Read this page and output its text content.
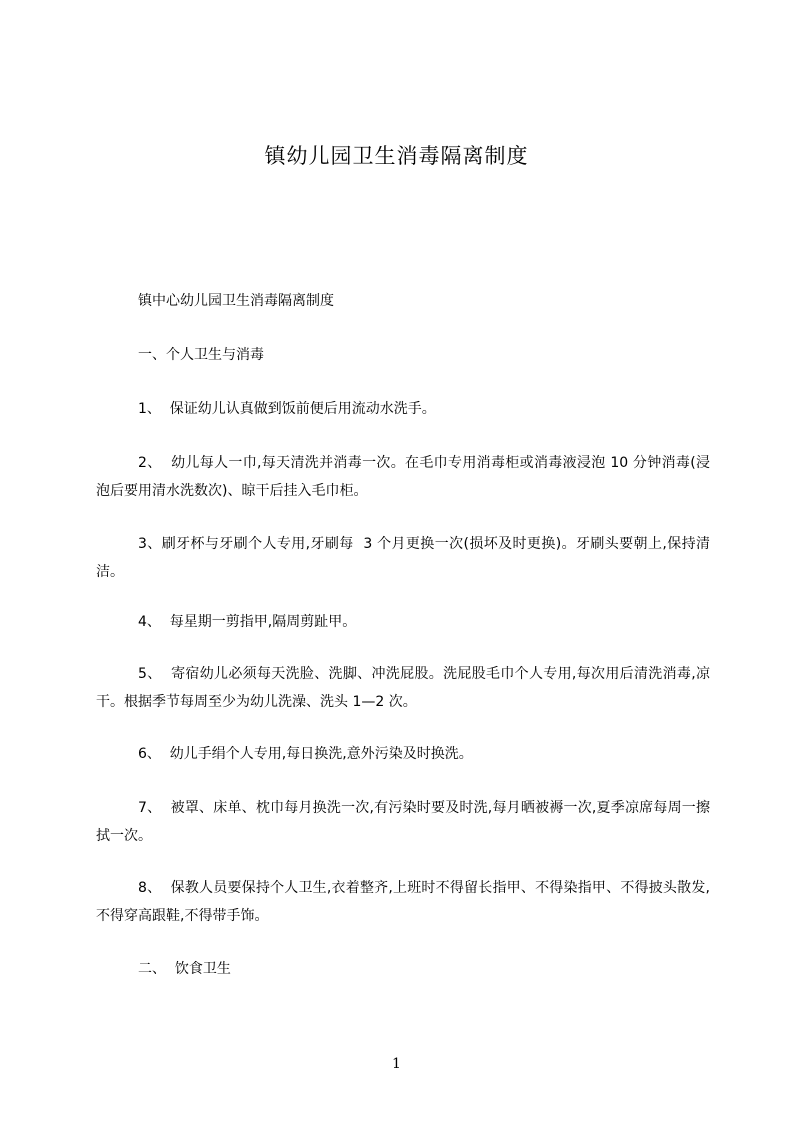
镇幼儿园卫生消毒隔离制度

镇中心幼儿园卫生消毒隔离制度

一、个人卫生与消毒

1、  保证幼儿认真做到饭前便后用流动水洗手。

2、  幼儿每人一巾,每天清洗并消毒一次。在毛巾专用消毒柜或消毒液浸泡 10 分钟消毒(浸泡后要用清水洗数次)、晾干后挂入毛巾柜。

3、刷牙杯与牙刷个人专用,牙刷每  3 个月更换一次(损坏及时更换)。牙刷头要朝上,保持清洁。

4、  每星期一剪指甲,隔周剪趾甲。

5、  寄宿幼儿必须每天洗脸、洗脚、冲洗屁股。洗屁股毛巾个人专用,每次用后清洗消毒,凉干。根据季节每周至少为幼儿洗澡、洗头 1—2 次。

6、  幼儿手绢个人专用,每日换洗,意外污染及时换洗。

7、  被罩、床单、枕巾每月换洗一次,有污染时要及时洗,每月晒被褥一次,夏季凉席每周一擦拭一次。

8、  保教人员要保持个人卫生,衣着整齐,上班时不得留长指甲、不得染指甲、不得披头散发,不得穿高跟鞋,不得带手饰。

二、  饮食卫生

1
